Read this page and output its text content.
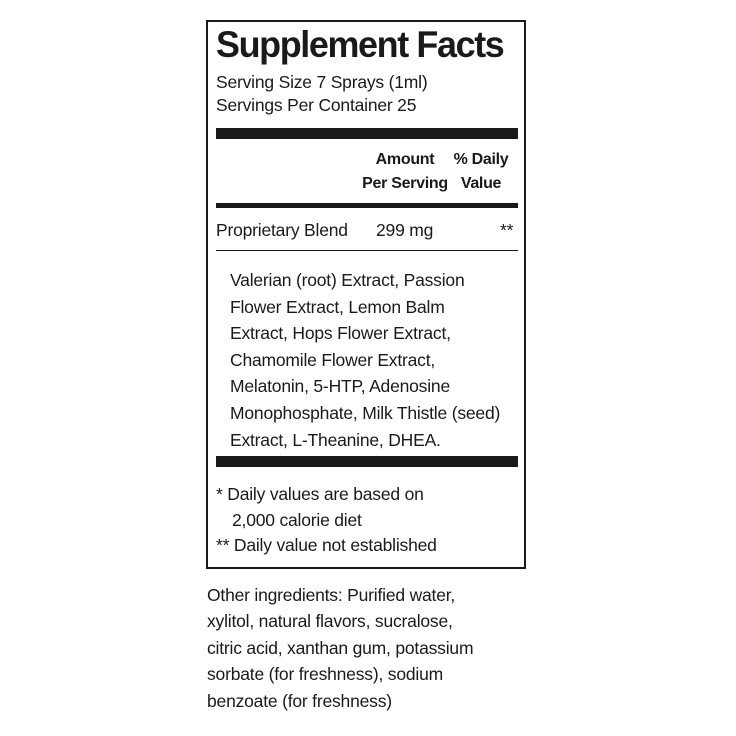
Supplement Facts
Serving Size 7 Sprays (1ml)
Servings Per Container 25
Amount
Per Serving
% Daily
Value
Proprietary Blend 299 mg	**
Valerian (root) Extract, Passion
Flower Extract, Lemon Balm
Extract, Hops Flower Extract,
Chamomile Flower Extract,
Melatonin, 5-HTP, Adenosine
Monophosphate, Milk Thistle (seed)
Extract, L-Theanine, DHEA.
* Daily values are based on
2,000 calorie diet
** Daily value not established
Other ingredients: Purified water,
xylitol, natural flavors, sucralose,
citric acid, xanthan gum, potassium
sorbate (for freshness), sodium
benzoate (for freshness)
